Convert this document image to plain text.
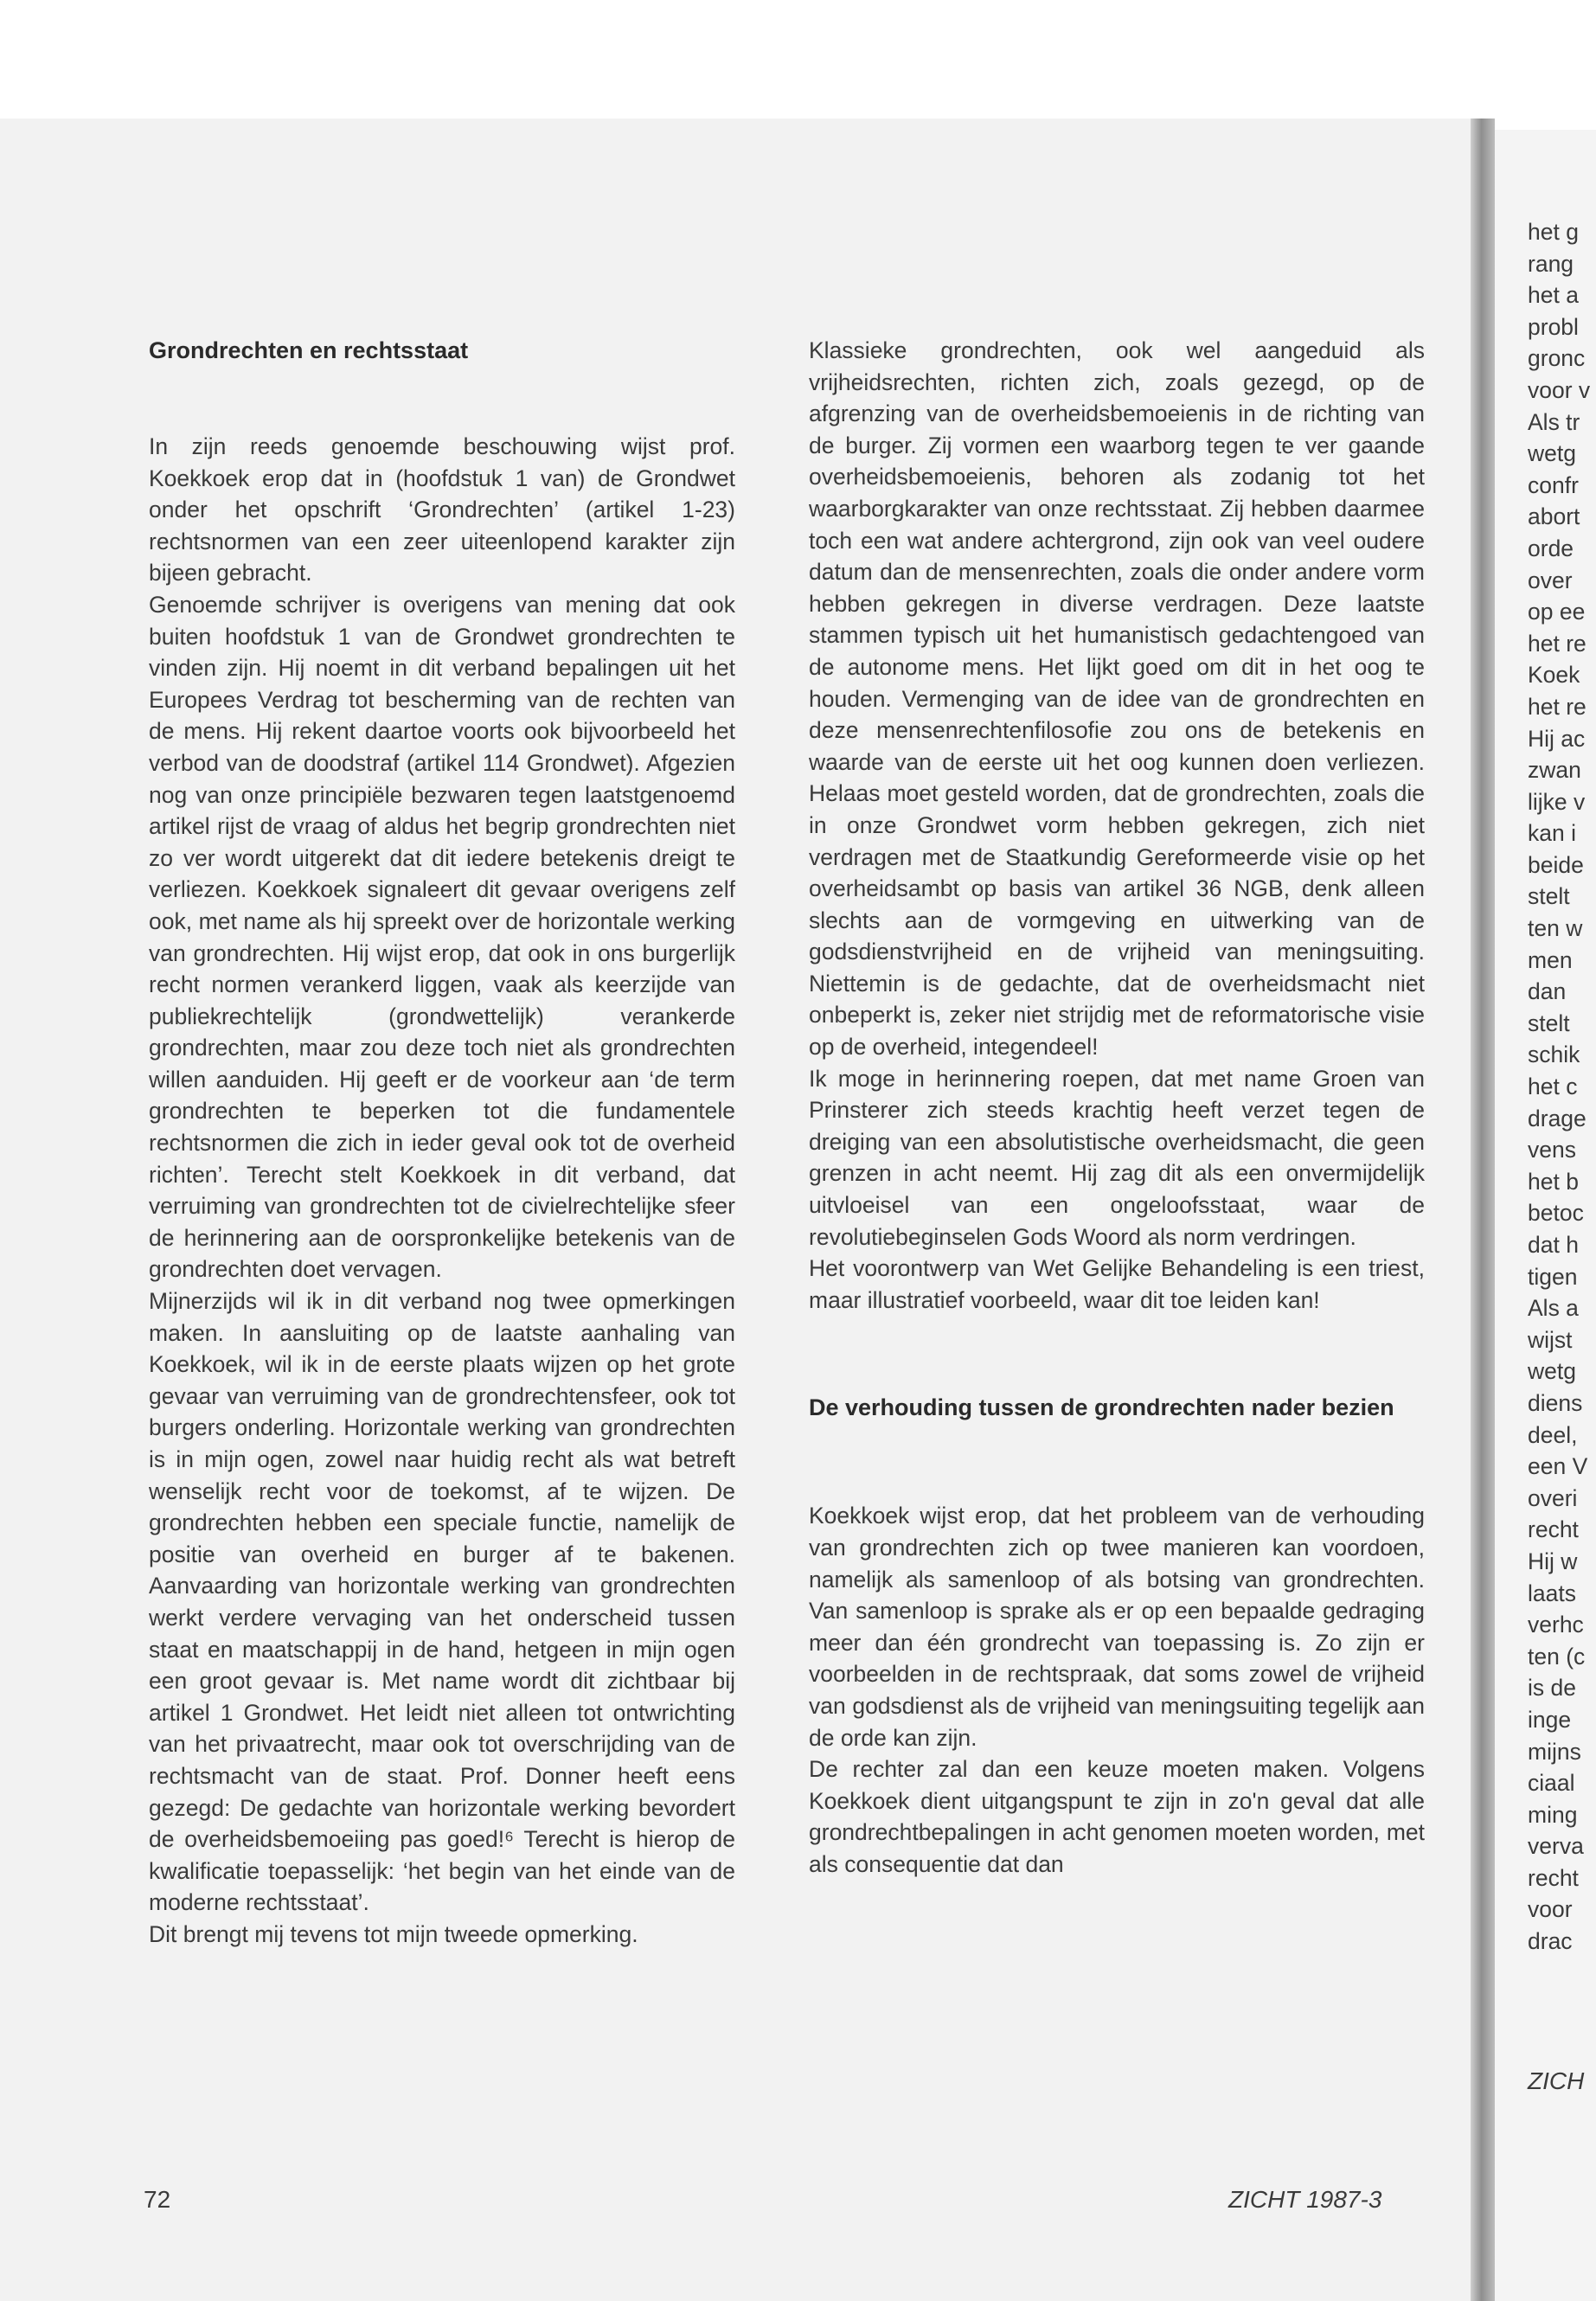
Grondrechten en rechtsstaat

In zijn reeds genoemde beschouwing wijst prof. Koekkoek erop dat in (hoofdstuk 1 van) de Grondwet onder het opschrift ‘Grondrechten’ (artikel 1-23) rechtsnormen van een zeer uiteenlopend karakter zijn bijeen gebracht.

Genoemde schrijver is overigens van mening dat ook buiten hoofdstuk 1 van de Grondwet grondrechten te vinden zijn. Hij noemt in dit verband bepalingen uit het Europees Verdrag tot bescherming van de rechten van de mens. Hij rekent daartoe voorts ook bijvoorbeeld het verbod van de doodstraf (artikel 114 Grondwet). Afgezien nog van onze principiële bezwaren tegen laatstgenoemd artikel rijst de vraag of aldus het begrip grondrechten niet zo ver wordt uitgerekt dat dit iedere betekenis dreigt te verliezen. Koekkoek signaleert dit gevaar overigens zelf ook, met name als hij spreekt over de horizontale werking van grondrechten. Hij wijst erop, dat ook in ons burgerlijk recht normen verankerd liggen, vaak als keerzijde van publiekrechtelijk (grondwettelijk) verankerde grondrechten, maar zou deze toch niet als grondrechten willen aanduiden. Hij geeft er de voorkeur aan ‘de term grondrechten te beperken tot die fundamentele rechtsnormen die zich in ieder geval ook tot de overheid richten’. Terecht stelt Koekkoek in dit verband, dat verruiming van grondrechten tot de civielrechtelijke sfeer de herinnering aan de oorspronkelijke betekenis van de grondrechten doet vervagen.

Mijnerzijds wil ik in dit verband nog twee opmerkingen maken. In aansluiting op de laatste aanhaling van Koekkoek, wil ik in de eerste plaats wijzen op het grote gevaar van verruiming van de grondrechtensfeer, ook tot burgers onderling. Horizontale werking van grondrechten is in mijn ogen, zowel naar huidig recht als wat betreft wenselijk recht voor de toekomst, af te wijzen. De grondrechten hebben een speciale functie, namelijk de positie van overheid en burger af te bakenen. Aanvaarding van horizontale werking van grondrechten werkt verdere vervaging van het onderscheid tussen staat en maatschappij in de hand, hetgeen in mijn ogen een groot gevaar is. Met name wordt dit zichtbaar bij artikel 1 Grondwet. Het leidt niet alleen tot ontwrichting van het privaatrecht, maar ook tot overschrijding van de rechtsmacht van de staat. Prof. Donner heeft eens gezegd: De gedachte van horizontale werking bevordert de overheidsbemoeiing pas goed!⁶ Terecht is hierop de kwalificatie toepasselijk: ‘het begin van het einde van de moderne rechtsstaat’.

Dit brengt mij tevens tot mijn tweede opmerking.

Klassieke grondrechten, ook wel aangeduid als vrijheidsrechten, richten zich, zoals gezegd, op de afgrenzing van de overheidsbemoeienis in de richting van de burger. Zij vormen een waarborg tegen te ver gaande overheidsbemoeienis, behoren als zodanig tot het waarborgkarakter van onze rechtsstaat. Zij hebben daarmee toch een wat andere achtergrond, zijn ook van veel oudere datum dan de mensenrechten, zoals die onder andere vorm hebben gekregen in diverse verdragen. Deze laatste stammen typisch uit het humanistisch gedachtengoed van de autonome mens. Het lijkt goed om dit in het oog te houden. Vermenging van de idee van de grondrechten en deze mensenrechtenfilosofie zou ons de betekenis en waarde van de eerste uit het oog kunnen doen verliezen. Helaas moet gesteld worden, dat de grondrechten, zoals die in onze Grondwet vorm hebben gekregen, zich niet verdragen met de Staatkundig Gereformeerde visie op het overheidsambt op basis van artikel 36 NGB, denk alleen slechts aan de vormgeving en uitwerking van de godsdienstvrijheid en de vrijheid van meningsuiting. Niettemin is de gedachte, dat de overheidsmacht niet onbeperkt is, zeker niet strijdig met de reformatorische visie op de overheid, integendeel!

Ik moge in herinnering roepen, dat met name Groen van Prinsterer zich steeds krachtig heeft verzet tegen de dreiging van een absolutistische overheidsmacht, die geen grenzen in acht neemt. Hij zag dit als een onvermijdelijk uitvloeisel van een ongeloofsstaat, waar de revolutiebeginselen Gods Woord als norm verdringen.

Het voorontwerp van Wet Gelijke Behandeling is een triest, maar illustratief voorbeeld, waar dit toe leiden kan!

De verhouding tussen de grondrechten nader bezien

Koekkoek wijst erop, dat het probleem van de verhouding van grondrechten zich op twee manieren kan voordoen, namelijk als samenloop of als botsing van grondrechten. Van samenloop is sprake als er op een bepaalde gedraging meer dan één grondrecht van toepassing is. Zo zijn er voorbeelden in de rechtspraak, dat soms zowel de vrijheid van godsdienst als de vrijheid van meningsuiting tegelijk aan de orde kan zijn.

De rechter zal dan een keuze moeten maken. Volgens Koekkoek dient uitgangspunt te zijn in zo'n geval dat alle grondrechtbepalingen in acht genomen moeten worden, met als consequentie dat dan

72	ZICHT 1987-3
het g
rang
het a
probl
gronc
voor v
Als tr
wetg
confr
abort
orde
over
op ee
het re
Koek
het re
Hij ac
zwan
lijke v
kan i
beide
stelt
ten w
men
dan
stelt
schik
het c
drage
vens
het b
betoc
dat h
tigen
Als a
wijst
wetg
diens
deel,
een V
overi
recht
Hij w
laats
verhc
ten (c
is de
inge
mijns
ciaal
ming
verva
recht
voor
drac
ZICH
